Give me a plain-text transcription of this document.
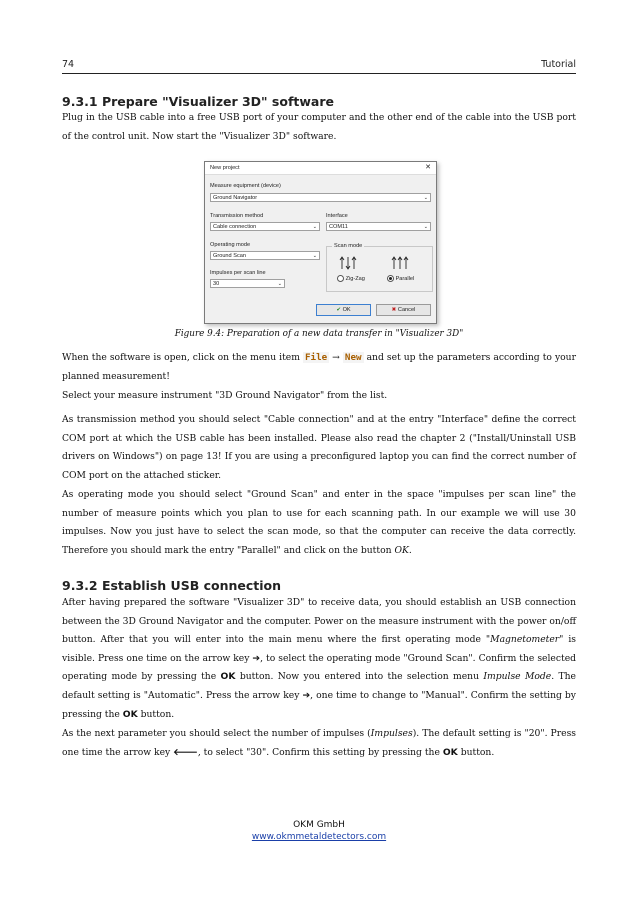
74	Tutorial
9.3.1 Prepare "Visualizer 3D" software

Plug in the USB cable into a free USB port of your computer and the other end of the cable into the USB port of the control unit. Now start the "Visualizer 3D" software.

New project	✕
Measure equipment (device)
Ground Navigator	⌄
Transmission method
Cable connection	⌄
Interface
COM11	⌄
Operating mode
Ground Scan	⌄
Impulses per scan line
30	⌄
Scan mode
Zig-Zag	Parallel
✔ OK	✖ Cancel
Figure 9.4: Preparation of a new data transfer in "Visualizer 3D"

When the software is open, click on the menu item File → New and set up the parameters according to your planned measurement!

Select your measure instrument "3D Ground Navigator" from the list.

As transmission method you should select "Cable connection" and at the entry "Interface" define the correct COM port at which the USB cable has been installed. Please also read the chapter 2 ("Install/Uninstall USB drivers on Windows") on page 13! If you are using a preconfigured laptop you can find the correct number of COM port on the attached sticker.

As operating mode you should select "Ground Scan" and enter in the space "impulses per scan line" the number of measure points which you plan to use for each scanning path. In our example we will use 30 impulses. Now you just have to select the scan mode, so that the computer can receive the data correctly. Therefore you should mark the entry "Parallel" and click on the button OK.

9.3.2 Establish USB connection

After having prepared the software "Visualizer 3D" to receive data, you should establish an USB connection between the 3D Ground Navigator and the computer. Power on the measure instrument with the power on/off button. After that you will enter into the main menu where the first operating mode "Magnetometer" is visible. Press one time on the arrow key ➔, to select the operating mode "Ground Scan". Confirm the selected operating mode by pressing the OK button. Now you entered into the selection menu Impulse Mode. The default setting is "Automatic". Press the arrow key ➔, one time to change to "Manual". Confirm the setting by pressing the OK button.

As the next parameter you should select the number of impulses (Impulses). The default setting is "20". Press one time the arrow key 🡐, to select "30". Confirm this setting by pressing the OK button.

OKM GmbH
www.okmmetaldetectors.com
